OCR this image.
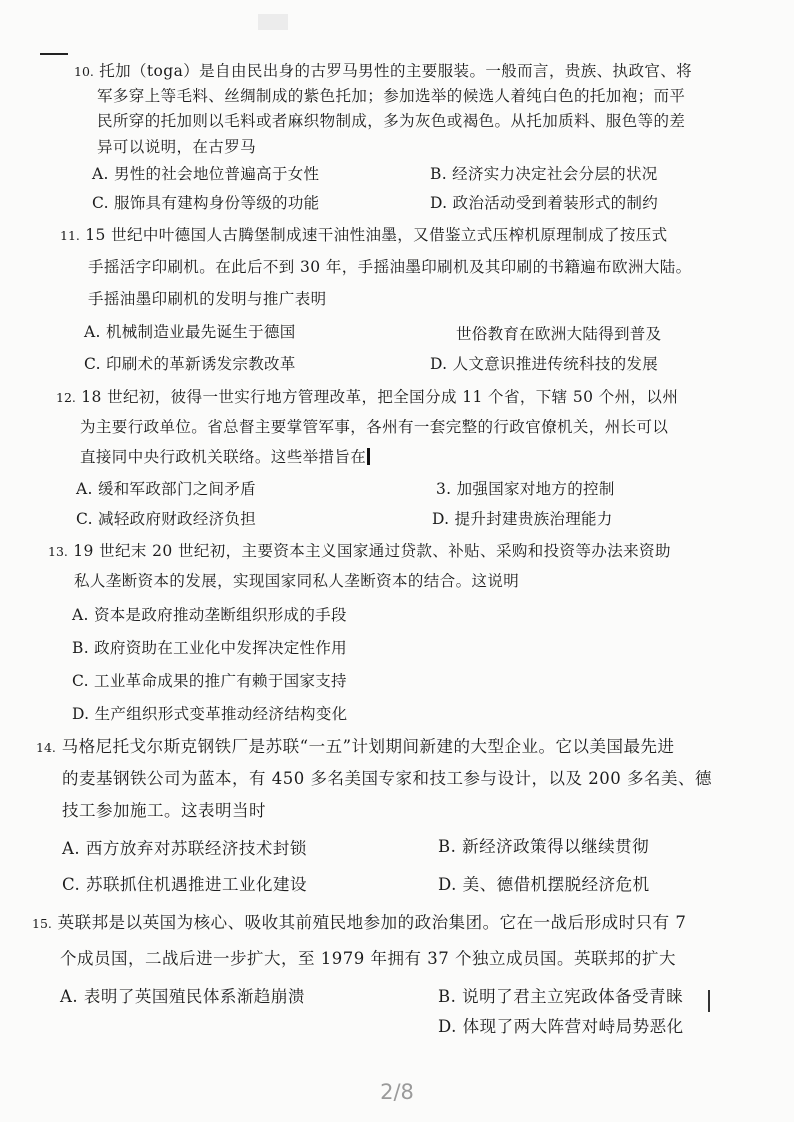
10. 托加（toga）是自由民出身的古罗马男性的主要服装。一般而言，贵族、执政官、将
军多穿上等毛料、丝绸制成的紫色托加；参加选举的候选人着纯白色的托加袍；而平
民所穿的托加则以毛料或者麻织物制成，多为灰色或褐色。从托加质料、服色等的差
异可以说明，在古罗马
A. 男性的社会地位普遍高于女性	B. 经济实力决定社会分层的状况
C. 服饰具有建构身份等级的功能	D. 政治活动受到着装形式的制约
11. 15 世纪中叶德国人古腾堡制成速干油性油墨，又借鉴立式压榨机原理制成了按压式
手摇活字印刷机。在此后不到 30 年，手摇油墨印刷机及其印刷的书籍遍布欧洲大陆。
手摇油墨印刷机的发明与推广表明
A. 机械制造业最先诞生于德国	世俗教育在欧洲大陆得到普及
C. 印刷术的革新诱发宗教改革	D. 人文意识推进传统科技的发展
12. 18 世纪初，彼得一世实行地方管理改革，把全国分成 11 个省，下辖 50 个州，以州
为主要行政单位。省总督主要掌管军事，各州有一套完整的行政官僚机关，州长可以
直接同中央行政机关联络。这些举措旨在
A. 缓和军政部门之间矛盾	3. 加强国家对地方的控制
C. 减轻政府财政经济负担	D. 提升封建贵族治理能力
13. 19 世纪末 20 世纪初，主要资本主义国家通过贷款、补贴、采购和投资等办法来资助
私人垄断资本的发展，实现国家同私人垄断资本的结合。这说明
A. 资本是政府推动垄断组织形成的手段
B. 政府资助在工业化中发挥决定性作用
C. 工业革命成果的推广有赖于国家支持
D. 生产组织形式变革推动经济结构变化
14. 马格尼托戈尔斯克钢铁厂是苏联“一五”计划期间新建的大型企业。它以美国最先进
的麦基钢铁公司为蓝本，有 450 多名美国专家和技工参与设计，以及 200 多名美、德
技工参加施工。这表明当时
A. 西方放弃对苏联经济技术封锁	B. 新经济政策得以继续贯彻
C. 苏联抓住机遇推进工业化建设	D. 美、德借机摆脱经济危机
15. 英联邦是以英国为核心、吸收其前殖民地参加的政治集团。它在一战后形成时只有 7
个成员国，二战后进一步扩大，至 1979 年拥有 37 个独立成员国。英联邦的扩大
A. 表明了英国殖民体系渐趋崩溃	B. 说明了君主立宪政体备受青睐
D. 体现了两大阵营对峙局势恶化
2/8
